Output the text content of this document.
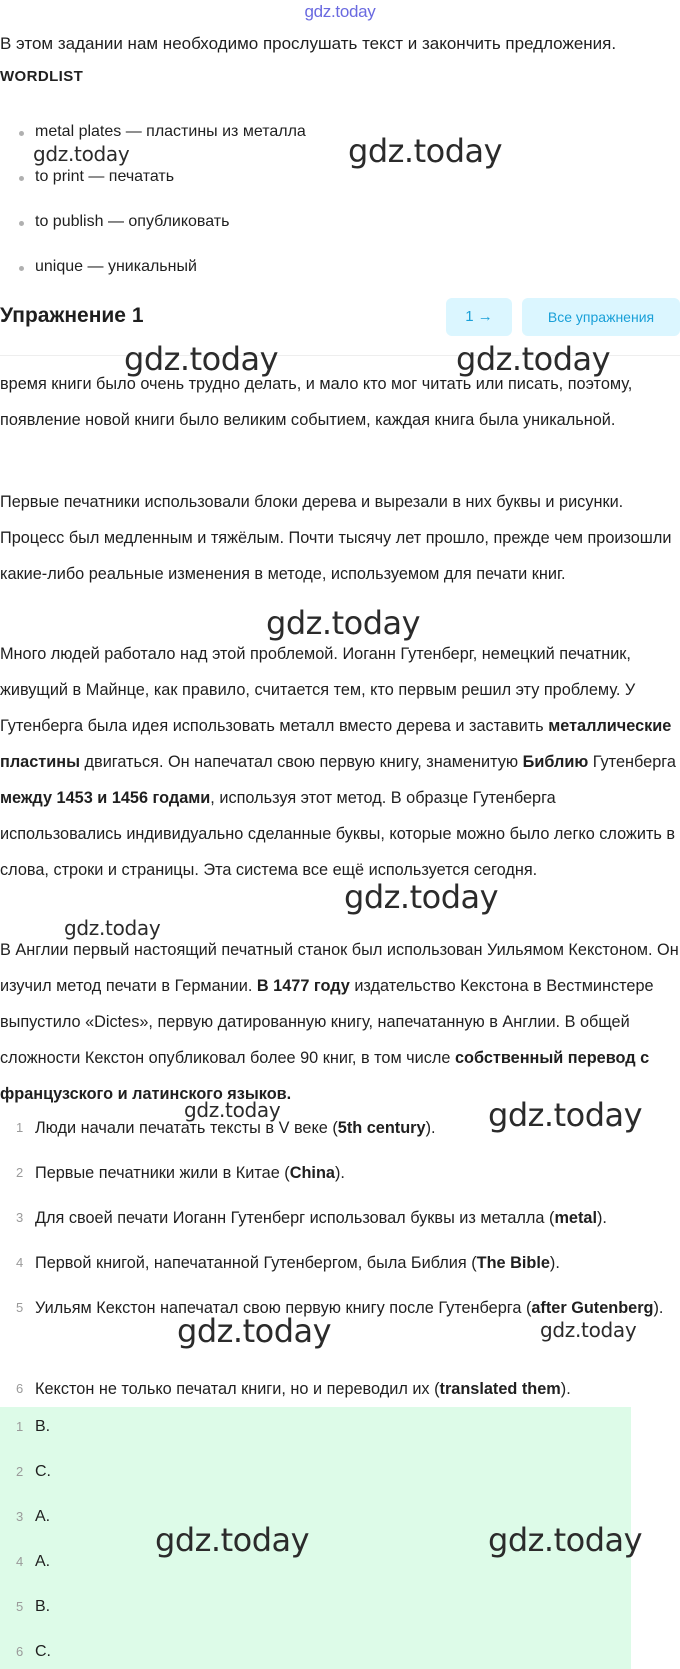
gdz.today

В этом задании нам необходимо прослушать текст и закончить предложения.

WORDLIST
metal plates — пластины из металла
to print — печатать
to publish — опубликовать
unique — уникальный
Упражнение 1	1 →	Все упражнения

время книги было очень трудно делать, и мало кто мог читать или писать, поэтому, появление новой книги было великим событием, каждая книга была уникальной.

Первые печатники использовали блоки дерева и вырезали в них буквы и рисунки. Процесс был медленным и тяжёлым. Почти тысячу лет прошло, прежде чем произошли какие-либо реальные изменения в методе, используемом для печати книг.

Много людей работало над этой проблемой. Иоганн Гутенберг, немецкий печатник, живущий в Майнце, как правило, считается тем, кто первым решил эту проблему. У Гутенберга была идея использовать металл вместо дерева и заставить металлические пластины двигаться. Он напечатал свою первую книгу, знаменитую Библию Гутенберга между 1453 и 1456 годами, используя этот метод. В образце Гутенберга использовались индивидуально сделанные буквы, которые можно было легко сложить в слова, строки и страницы. Эта система все ещё используется сегодня.

В Англии первый настоящий печатный станок был использован Уильямом Кекстоном. Он изучил метод печати в Германии. В 1477 году издательство Кекстона в Вестминстере выпустило «Dictes», первую датированную книгу, напечатанную в Англии. В общей сложности Кекстон опубликовал более 90 книг, в том числе собственный перевод с французского и латинского языков.

1 Люди начали печатать тексты в V веке (5th century).
2 Первые печатники жили в Китае (China).
3 Для своей печати Иоганн Гутенберг использовал буквы из металла (metal).
4 Первой книгой, напечатанной Гутенбергом, была Библия (The Bible).
5 Уильям Кекстон напечатал свою первую книгу после Гутенберга (after Gutenberg).
6 Кекстон не только печатал книги, но и переводил их (translated them).
1 B.
2 C.
3 A.
4 A.
5 B.
6 C.
gdz.today	gdz.today
gdz.today	gdz.today
gdz.today
gdz.today
gdz.today
gdz.today	gdz.today
gdz.today	gdz.today
gdz.today	gdz.today
